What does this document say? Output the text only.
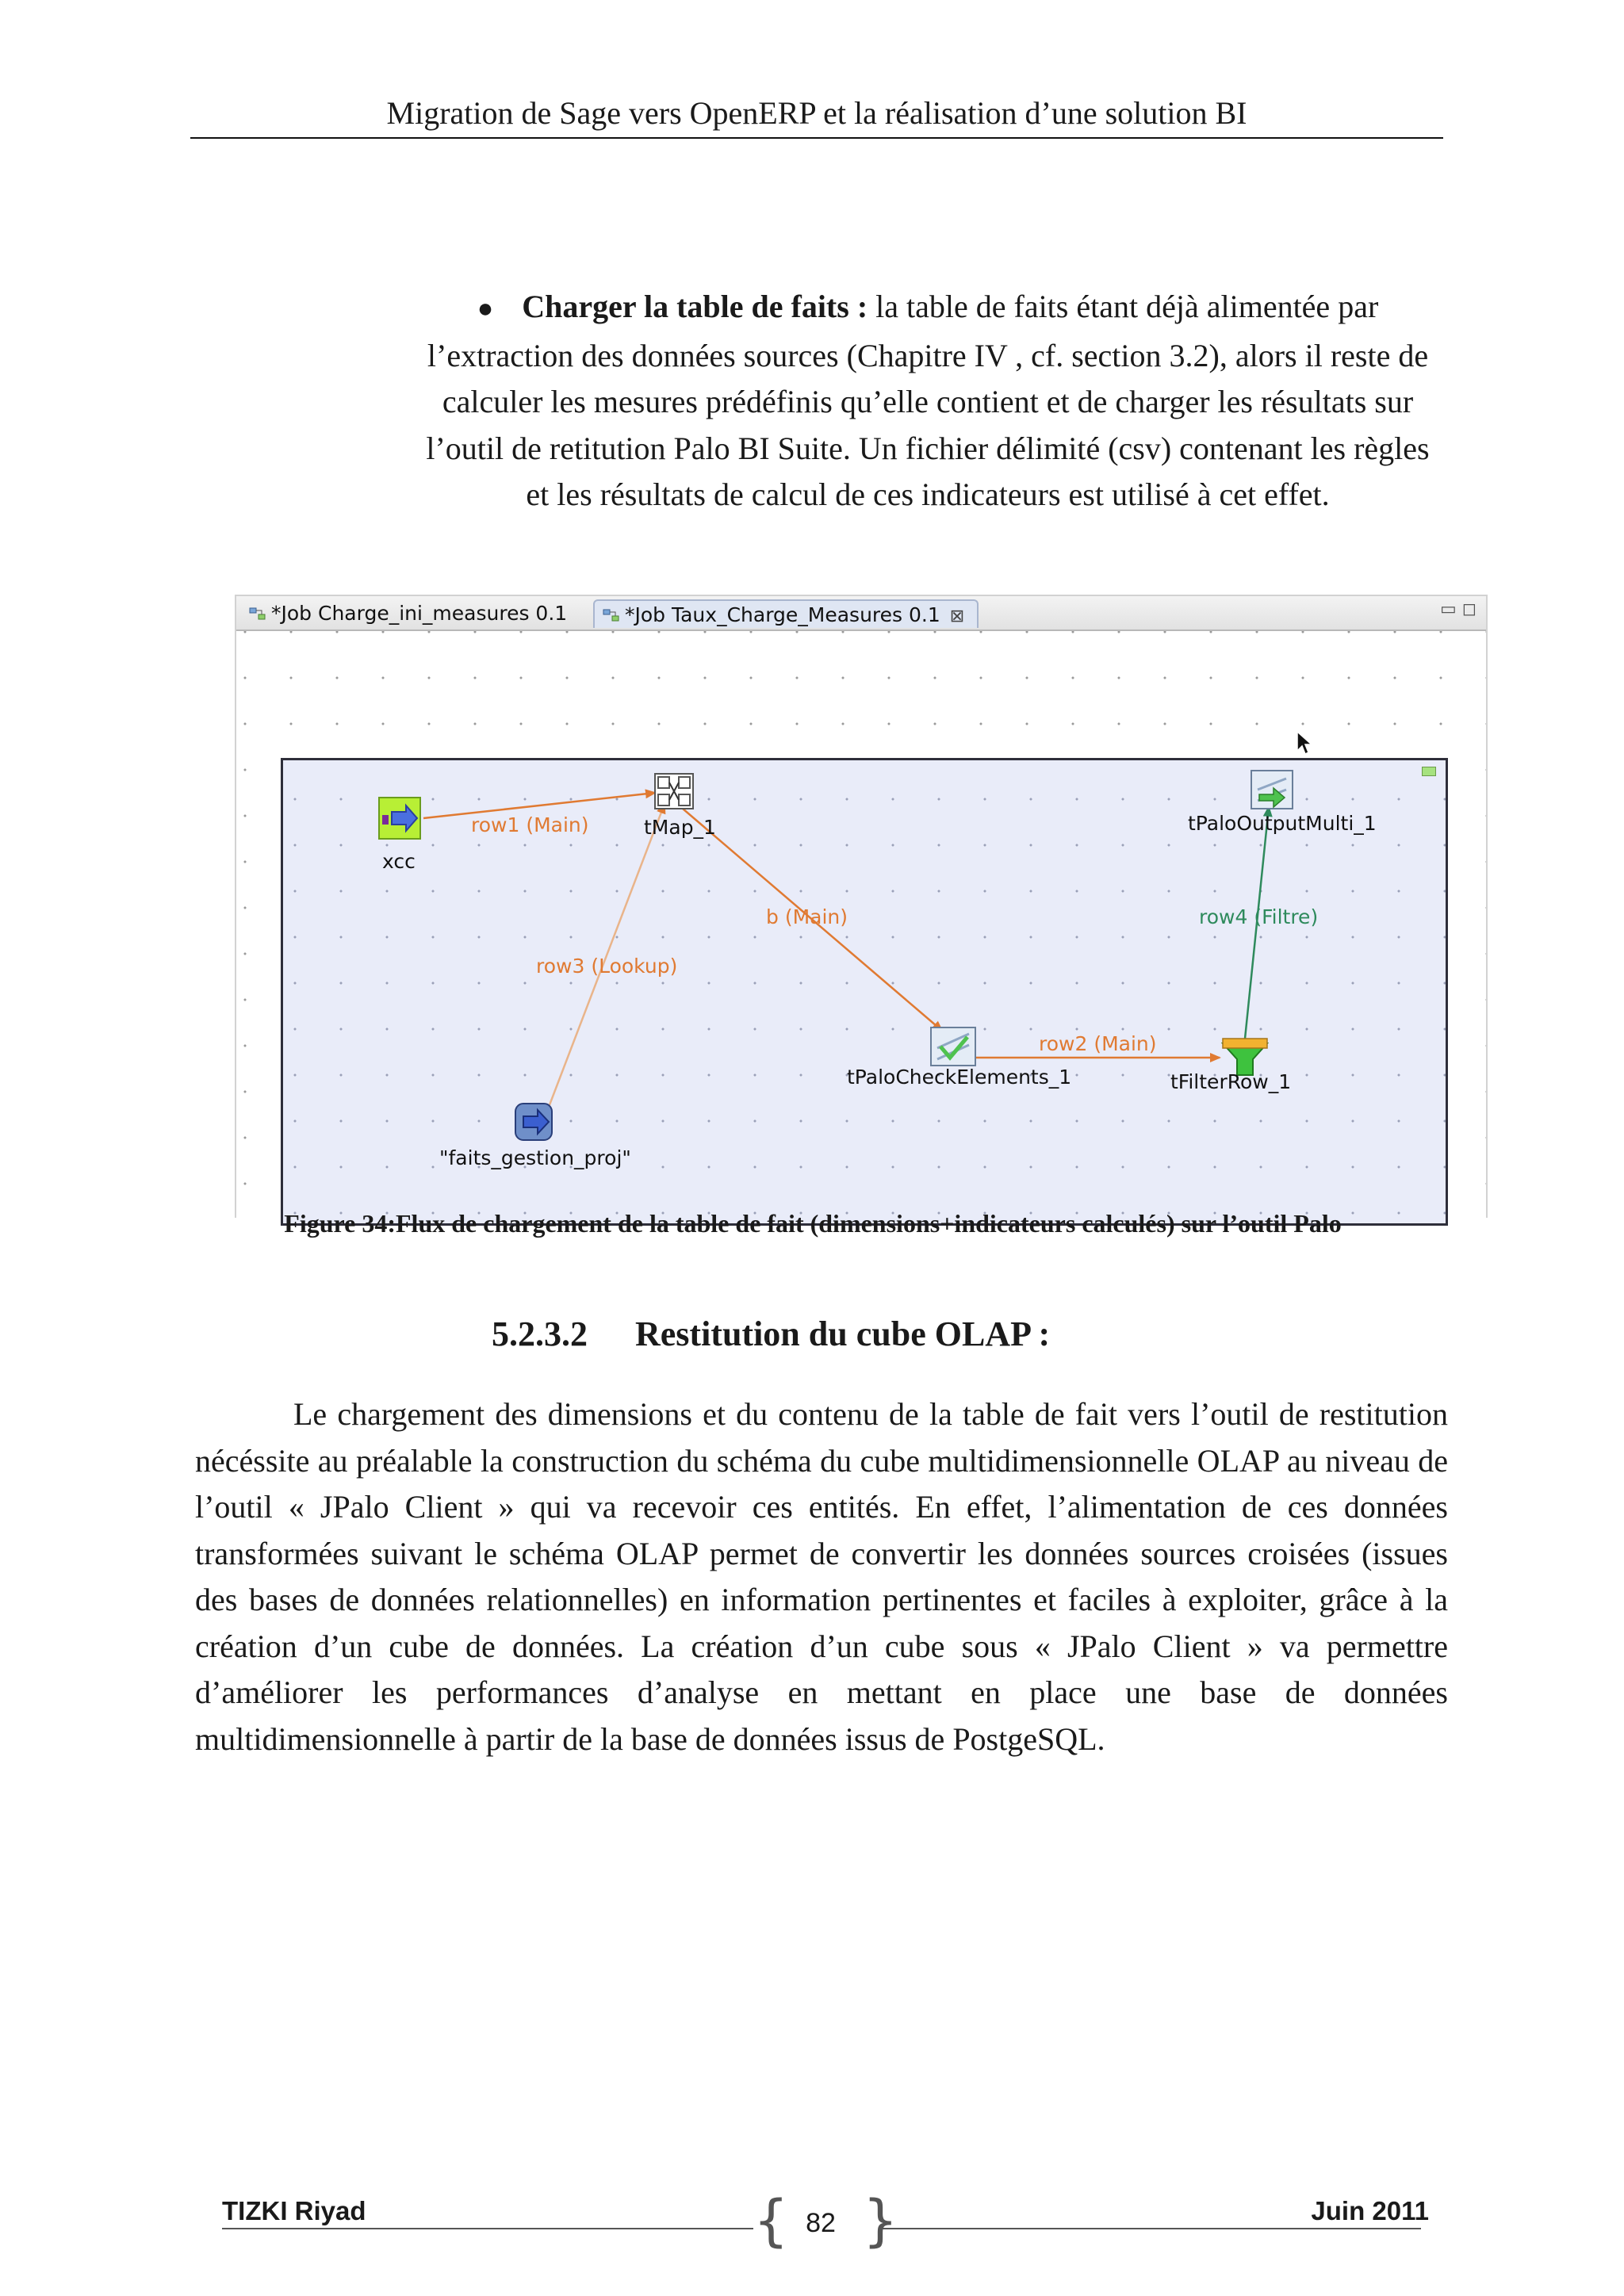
Migration de Sage vers OpenERP et la réalisation d’une solution BI
● Charger la table de faits : la table de faits étant déjà alimentée par l’extraction des données sources (Chapitre IV , cf. section 3.2), alors il reste de calculer les mesures prédéfinis qu’elle contient et de charger les résultats sur l’outil de retitution Palo BI Suite. Un fichier délimité (csv) contenant les règles et les résultats de calcul de ces indicateurs est utilisé à cet effet.
*Job Charge_ini_measures 0.1	*Job Taux_Charge_Measures 0.1 ⊠	▭ ◻
xcc
tMap_1	tPaloOutputMulti_1
tPaloCheckElements_1	tFilterRow_1
"faits_gestion_proj"
row1 (Main)
row3 (Lookup)
b (Main)
row2 (Main)
row4 (Filtre)
Figure 34:Flux de chargement de la table de fait (dimensions+indicateurs calculés) sur l’outil Palo
5.2.3.2 Restitution du cube OLAP :
Le chargement des dimensions et du contenu de la table de fait vers l’outil de restitution nécéssite au préalable la construction du schéma du cube multidimensionnelle OLAP au niveau de l’outil « JPalo Client » qui va recevoir ces entités. En effet, l’alimentation de ces données transformées suivant le schéma OLAP permet de convertir les données sources croisées (issues des bases de données relationnelles) en information pertinentes et faciles à exploiter, grâce à la création d’un cube de données. La création d’un cube sous « JPalo Client » va permettre d’améliorer les performances d’analyse en mettant en place une base de données multidimensionnelle à partir de la base de données issus de PostgeSQL.
TIZKI Riyad	Juin 2011
{ }
82
